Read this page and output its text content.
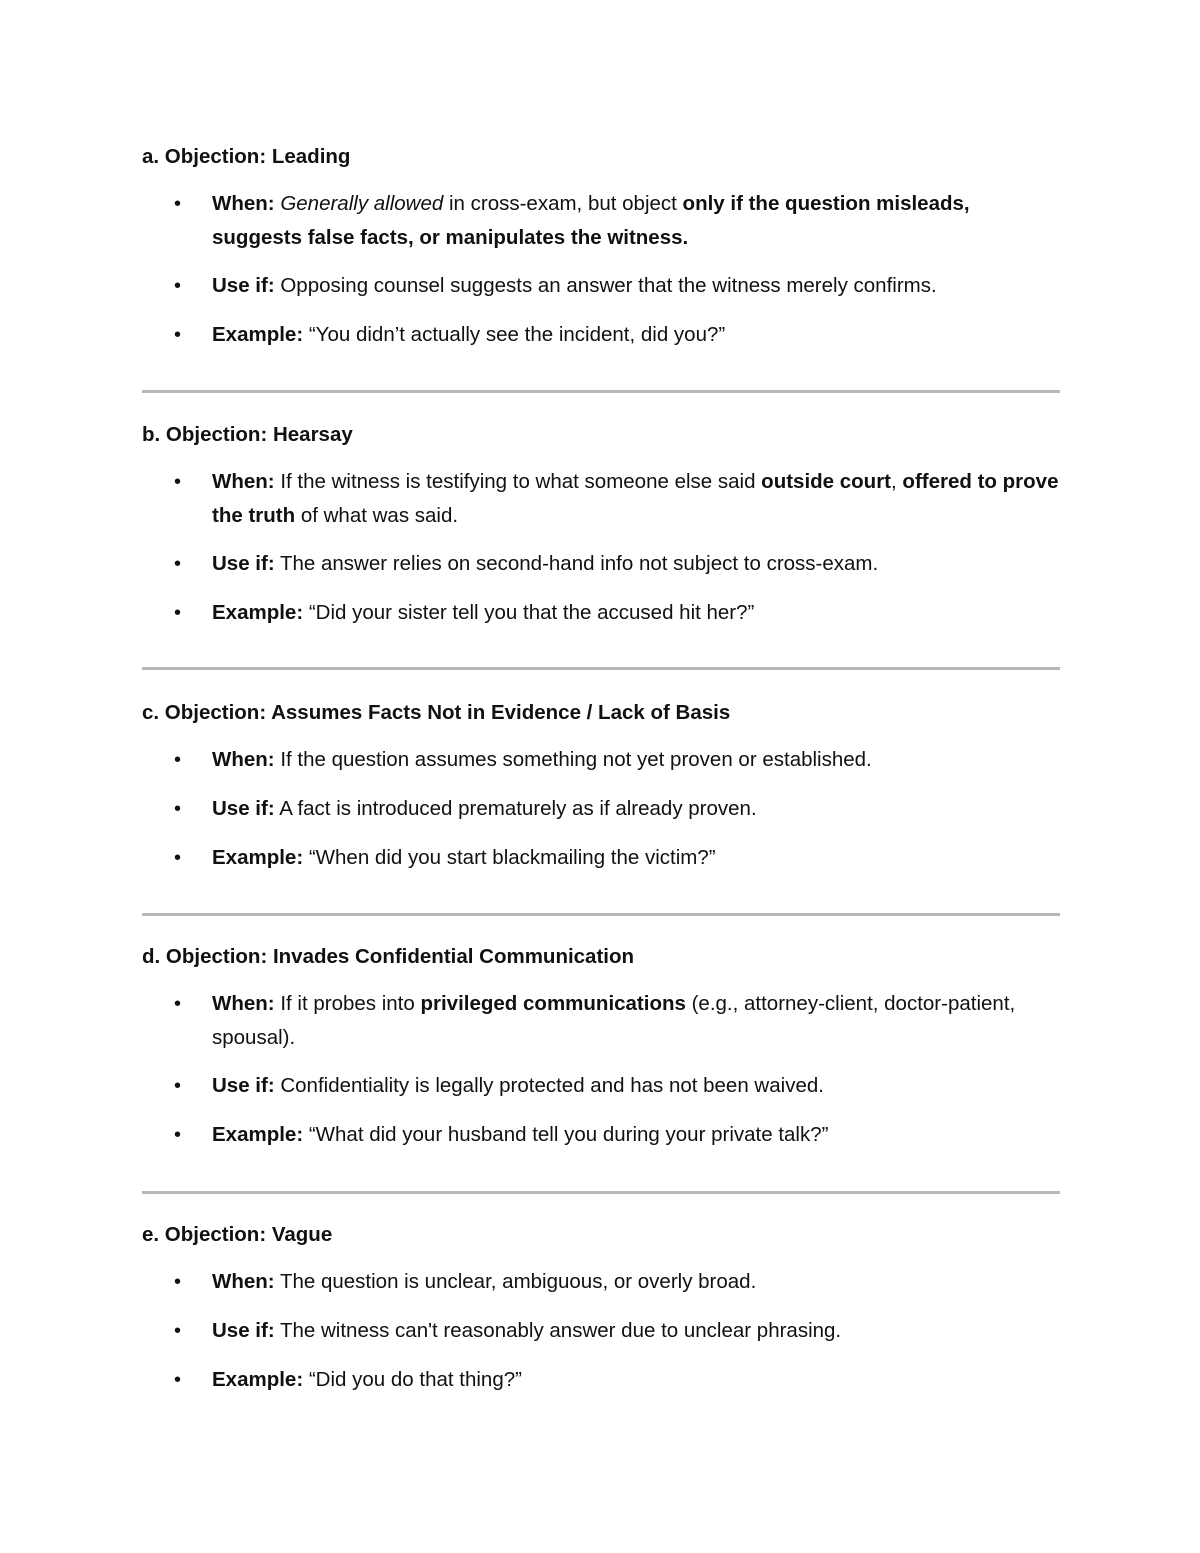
a. Objection: Leading
• When: Generally allowed in cross-exam, but object only if the question misleads, suggests false facts, or manipulates the witness.
• Use if: Opposing counsel suggests an answer that the witness merely confirms.
• Example: “You didn’t actually see the incident, did you?”
b. Objection: Hearsay
• When: If the witness is testifying to what someone else said outside court, offered to prove the truth of what was said.
• Use if: The answer relies on second-hand info not subject to cross-exam.
• Example: “Did your sister tell you that the accused hit her?”
c. Objection: Assumes Facts Not in Evidence / Lack of Basis
• When: If the question assumes something not yet proven or established.
• Use if: A fact is introduced prematurely as if already proven.
• Example: “When did you start blackmailing the victim?”
d. Objection: Invades Confidential Communication
• When: If it probes into privileged communications (e.g., attorney-client, doctor-patient, spousal).
• Use if: Confidentiality is legally protected and has not been waived.
• Example: “What did your husband tell you during your private talk?”
e. Objection: Vague
• When: The question is unclear, ambiguous, or overly broad.
• Use if: The witness can't reasonably answer due to unclear phrasing.
• Example: “Did you do that thing?”
